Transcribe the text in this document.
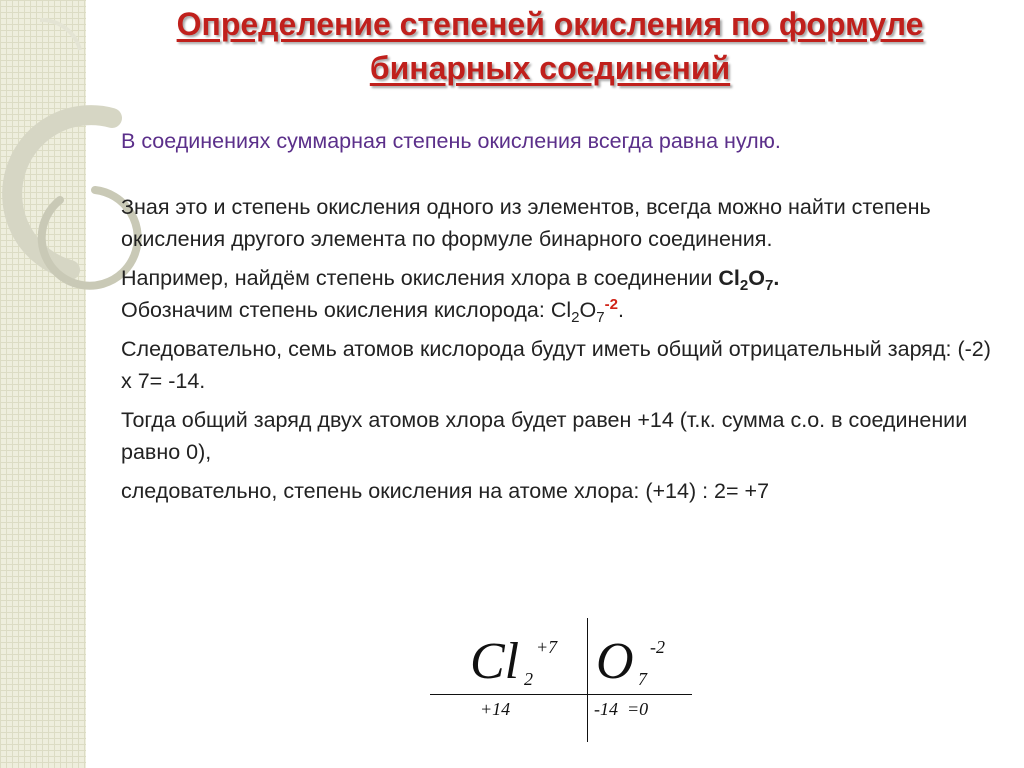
Определение степеней окисления по формуле
бинарных соединений

В соединениях суммарная степень окисления всегда равна нулю.

Зная это и степень окисления одного из элементов, всегда можно найти степень окисления другого элемента по формуле бинарного соединения.

Например, найдём степень окисления хлора в соединении $Cl_2O_7$.
Обозначим степень окисления кислорода: $Cl_2O_7^{-2}$.

Следовательно, семь атомов кислорода будут иметь общий отрицательный заряд: (-2) х 7= -14.

Тогда общий заряд двух атомов хлора будет равен +14 (т.к. сумма с.о. в соединении равно 0),

следовательно, степень окисления на атоме хлора: (+14) : 2= +7

Cl 2
+7 O 7
-2
+14	-14  =0
